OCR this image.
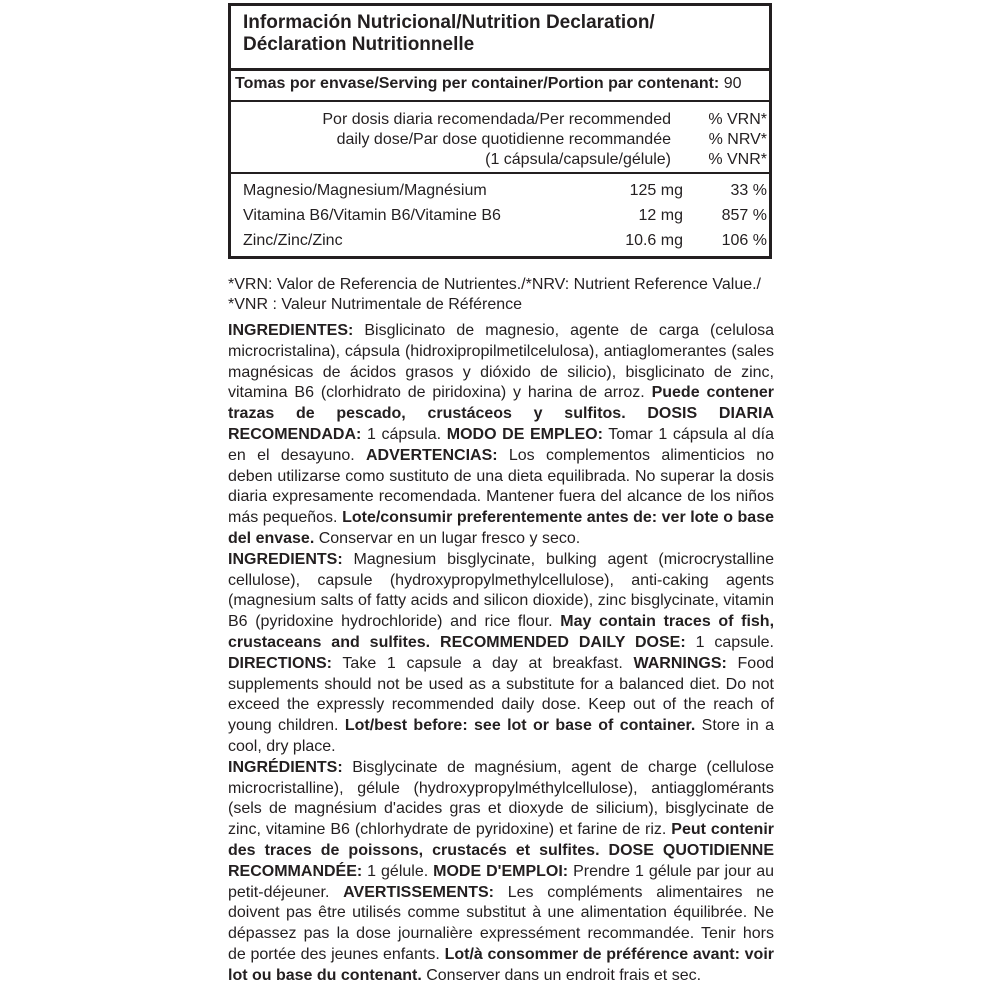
Información Nutricional/Nutrition Declaration/
Déclaration Nutritionnelle
Tomas por envase/Serving per container/Portion par contenant: 90
Por dosis diaria recomendada/Per recommended
daily dose/Par dose quotidienne recommandée
(1 cápsula/capsule/gélule)
% VRN*
% NRV*
% VNR*
Magnesio/Magnesium/Magnésium	125 mg	33 %
Vitamina B6/Vitamin B6/Vitamine B6	12 mg	857 %
Zinc/Zinc/Zinc	10.6 mg	106 %
*VRN: Valor de Referencia de Nutrientes./*NRV: Nutrient Reference Value./
*VNR : Valeur Nutrimentale de Référence

INGREDIENTES: Bisglicinato de magnesio, agente de carga (celulosa microcristalina), cápsula (hidroxipropilmetilcelulosa), antiaglomerantes (sales magnésicas de ácidos grasos y dióxido de silicio), bisglicinato de zinc, vitamina B6 (clorhidrato de piridoxina) y harina de arroz. Puede contener trazas de pescado, crustáceos y sulfitos. DOSIS DIARIA RECOMENDADA: 1 cápsula. MODO DE EMPLEO: Tomar 1 cápsula al día en el desayuno. ADVERTENCIAS: Los complementos alimenticios no deben utilizarse como sustituto de una dieta equilibrada. No superar la dosis diaria expresamente recomendada. Mantener fuera del alcance de los niños más pequeños. Lote/consumir preferentemente antes de: ver lote o base del envase. Conservar en un lugar fresco y seco.

INGREDIENTS: Magnesium bisglycinate, bulking agent (microcrystalline cellulose), capsule (hydroxypropylmethylcellulose), anti-caking agents (magnesium salts of fatty acids and silicon dioxide), zinc bisglycinate, vitamin B6 (pyridoxine hydrochloride) and rice flour. May contain traces of fish, crustaceans and sulfites. RECOMMENDED DAILY DOSE: 1 capsule. DIRECTIONS: Take 1 capsule a day at breakfast. WARNINGS: Food supplements should not be used as a substitute for a balanced diet. Do not exceed the expressly recommended daily dose. Keep out of the reach of young children. Lot/best before: see lot or base of container. Store in a cool, dry place.

INGRÉDIENTS: Bisglycinate de magnésium, agent de charge (cellulose microcristalline), gélule (hydroxypropylméthylcellulose), antiagglomérants (sels de magnésium d'acides gras et dioxyde de silicium), bisglycinate de zinc, vitamine B6 (chlorhydrate de pyridoxine) et farine de riz. Peut contenir des traces de poissons, crustacés et sulfites. DOSE QUOTIDIENNE RECOMMANDÉE: 1 gélule. MODE D'EMPLOI: Prendre 1 gélule par jour au petit-déjeuner. AVERTISSEMENTS: Les compléments alimentaires ne doivent pas être utilisés comme substitut à une alimentation équilibrée. Ne dépassez pas la dose journalière expressément recommandée. Tenir hors de portée des jeunes enfants. Lot/à consommer de préférence avant: voir lot ou base du contenant. Conserver dans un endroit frais et sec.
